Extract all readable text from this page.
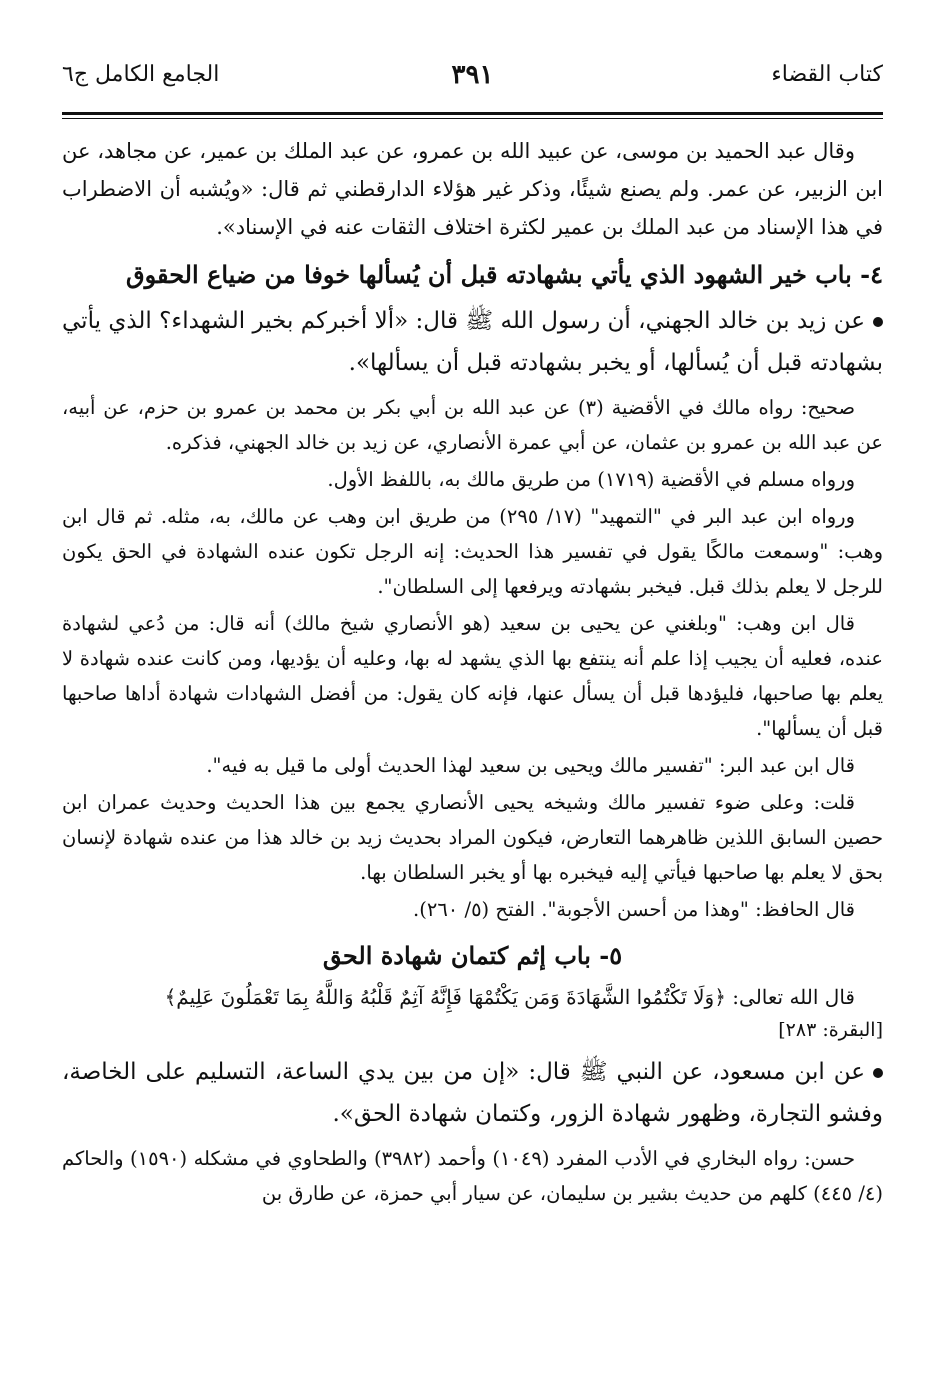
كتاب القضاء
٣٩١
الجامع الكامل ج٦

وقال عبد الحميد بن موسى، عن عبيد الله بن عمرو، عن عبد الملك بن عمير، عن مجاهد، عن ابن الزبير، عن عمر. ولم يصنع شيئًا، وذكر غير هؤلاء الدارقطني ثم قال: «ويُشبه أن الاضطراب في هذا الإسناد من عبد الملك بن عمير لكثرة اختلاف الثقات عنه في الإسناد».

٤- باب خير الشهود الذي يأتي بشهادته قبل أن يُسألها خوفا من ضياع الحقوق

عن زيد بن خالد الجهني، أن رسول الله ﷺ قال: «ألا أخبركم بخير الشهداء؟ الذي يأتي بشهادته قبل أن يُسألها، أو يخبر بشهادته قبل أن يسألها».

صحيح: رواه مالك في الأقضية (٣) عن عبد الله بن أبي بكر بن محمد بن عمرو بن حزم، عن أبيه، عن عبد الله بن عمرو بن عثمان، عن أبي عمرة الأنصاري، عن زيد بن خالد الجهني، فذكره.

ورواه مسلم في الأقضية (١٧١٩) من طريق مالك به، باللفظ الأول.

ورواه ابن عبد البر في "التمهيد" (١٧/ ٢٩٥) من طريق ابن وهب عن مالك، به، مثله. ثم قال ابن وهب: "وسمعت مالكًا يقول في تفسير هذا الحديث: إنه الرجل تكون عنده الشهادة في الحق يكون للرجل لا يعلم بذلك قبل. فيخبر بشهادته ويرفعها إلى السلطان".

قال ابن وهب: "وبلغني عن يحيى بن سعيد (هو الأنصاري شيخ مالك) أنه قال: من دُعي لشهادة عنده، فعليه أن يجيب إذا علم أنه ينتفع بها الذي يشهد له بها، وعليه أن يؤديها، ومن كانت عنده شهادة لا يعلم بها صاحبها، فليؤدها قبل أن يسأل عنها، فإنه كان يقول: من أفضل الشهادات شهادة أداها صاحبها قبل أن يسألها".

قال ابن عبد البر: "تفسير مالك ويحيى بن سعيد لهذا الحديث أولى ما قيل به فيه".

قلت: وعلى ضوء تفسير مالك وشيخه يحيى الأنصاري يجمع بين هذا الحديث وحديث عمران ابن حصين السابق اللذين ظاهرهما التعارض، فيكون المراد بحديث زيد بن خالد هذا من عنده شهادة لإنسان بحق لا يعلم بها صاحبها فيأتي إليه فيخبره بها أو يخبر السلطان بها.

قال الحافظ: "وهذا من أحسن الأجوبة". الفتح (٥/ ٢٦٠).

٥- باب إثم كتمان شهادة الحق

قال الله تعالى: ﴿وَلَا تَكْتُمُوا الشَّهَادَةَ وَمَن يَكْتُمْهَا فَإِنَّهُ آثِمٌ قَلْبُهُ وَاللَّهُ بِمَا تَعْمَلُونَ عَلِيمٌ﴾

[البقرة: ٢٨٣]

عن ابن مسعود، عن النبي ﷺ قال: «إن من بين يدي الساعة، التسليم على الخاصة، وفشو التجارة، وظهور شهادة الزور، وكتمان شهادة الحق».

حسن: رواه البخاري في الأدب المفرد (١٠٤٩) وأحمد (٣٩٨٢) والطحاوي في مشكله (١٥٩٠) والحاكم (٤/ ٤٤٥) كلهم من حديث بشير بن سليمان، عن سيار أبي حمزة، عن طارق بن
